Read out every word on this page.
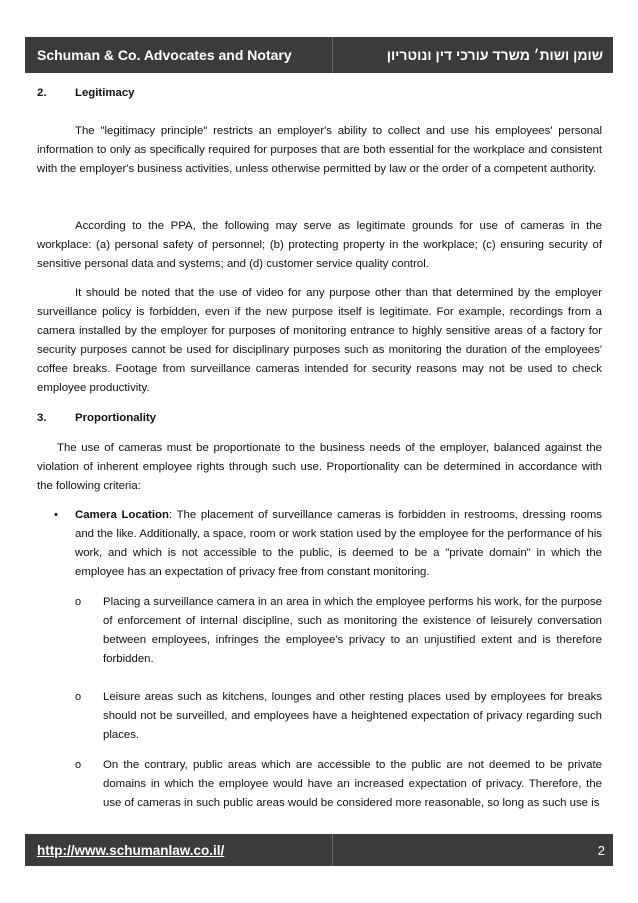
Schuman & Co. Advocates and Notary	שומן ושות׳ משרד עורכי דין ונוטריון
2.	Legitimacy

The "legitimacy principle" restricts an employer's ability to collect and use his employees' personal information to only as specifically required for purposes that are both essential for the workplace and consistent with the employer's business activities, unless otherwise permitted by law or the order of a competent authority.

According to the PPA, the following may serve as legitimate grounds for use of cameras in the workplace: (a) personal safety of personnel; (b) protecting property in the workplace; (c) ensuring security of sensitive personal data and systems; and (d) customer service quality control.

It should be noted that the use of video for any purpose other than that determined by the employer surveillance policy is forbidden, even if the new purpose itself is legitimate. For example, recordings from a camera installed by the employer for purposes of monitoring entrance to highly sensitive areas of a factory for security purposes cannot be used for disciplinary purposes such as monitoring the duration of the employees' coffee breaks. Footage from surveillance cameras intended for security reasons may not be used to check employee productivity.

3.	Proportionality

The use of cameras must be proportionate to the business needs of the employer, balanced against the violation of inherent employee rights through such use. Proportionality can be determined in accordance with the following criteria:

•	Camera Location: The placement of surveillance cameras is forbidden in restrooms, dressing rooms and the like. Additionally, a space, room or work station used by the employee for the performance of his work, and which is not accessible to the public, is deemed to be a "private domain" in which the employee has an expectation of privacy free from constant monitoring.
o	Placing a surveillance camera in an area in which the employee performs his work, for the purpose of enforcement of internal discipline, such as monitoring the existence of leisurely conversation between employees, infringes the employee's privacy to an unjustified extent and is therefore forbidden.
o	Leisure areas such as kitchens, lounges and other resting places used by employees for breaks should not be surveilled, and employees have a heightened expectation of privacy regarding such places.
o	On the contrary, public areas which are accessible to the public are not deemed to be private domains in which the employee would have an increased expectation of privacy. Therefore, the use of cameras in such public areas would be considered more reasonable, so long as such use is
http://www.schumanlaw.co.il/	2
